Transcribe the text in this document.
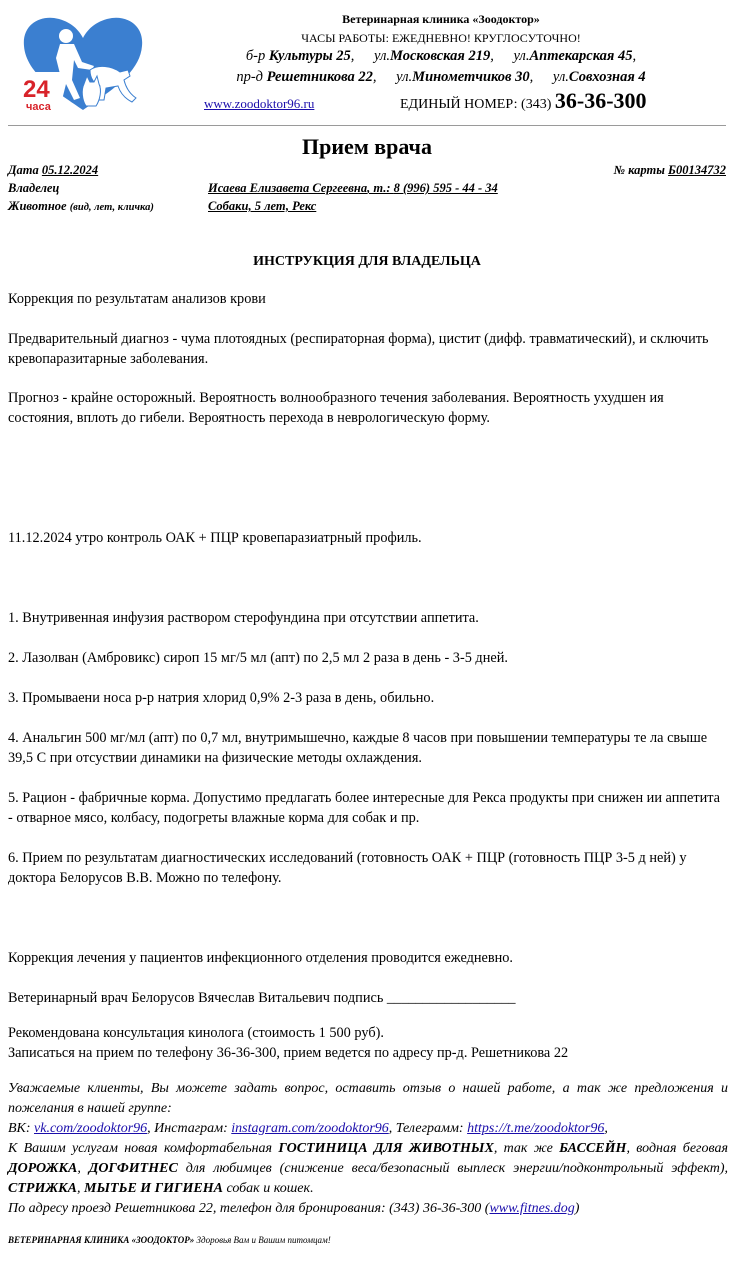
24
часа
Ветеринарная клиника «Зоодоктор»
ЧАСЫ РАБОТЫ: ЕЖЕДНЕВНО! КРУГЛОСУТОЧНО!
б-р Культуры 25, ул.Московская 219, ул.Аптекарская 45,
пр-д Решетникова 22, ул.Минометчиков 30, ул.Совхозная 4
www.zoodoktor96.ru	ЕДИНЫЙ НОМЕР: (343) 36-36-300
Прием врача
Дата 05.12.2024	№ карты Б00134732
Владелец	Исаева Елизавета Сергеевна, т.: 8 (996) 595 - 44 - 34
Животное (вид, лет, кличка)	Собаки, 5 лет, Рекс
ИНСТРУКЦИЯ ДЛЯ ВЛАДЕЛЬЦА
Коррекция по результатам анализов крови
Предварительный диагноз - чума плотоядных (респираторная форма), цистит (дифф. травматический), и сключить кревопаразитарные заболевания.
Прогноз - крайне осторожный. Вероятность волнообразного течения заболевания. Вероятность ухудшен ия состояния, вплоть до гибели. Вероятность перехода в неврологическую форму.
11.12.2024 утро контроль ОАК + ПЦР кровепаразиатрный профиль.
1. Внутривенная инфузия раствором стерофундина при отсутствии аппетита.
2. Лазолван (Амбровикс) сироп 15 мг/5 мл (апт) по 2,5 мл 2 раза в день - 3-5 дней.
3. Промываени носа р-р натрия хлорид 0,9% 2-3 раза в день, обильно.
4. Анальгин 500 мг/мл (апт) по 0,7 мл, внутримышечно, каждые 8 часов при повышении температуры те ла свыше 39,5 С при отсуствии динамики на физические методы охлаждения.
5. Рацион - фабричные корма. Допустимо предлагать более интересные для Рекса продукты при снижен ии аппетита - отварное мясо, колбасу, подогреты влажные корма для собак и пр.
6. Прием по результатам диагностических исследований (готовность ОАК + ПЦР (готовность ПЦР 3-5 д ней) у доктора Белорусов В.В. Можно по телефону.
Коррекция лечения у пациентов инфекционного отделения проводится ежедневно.
Ветеринарный врач Белорусов Вячеслав Витальевич подпись __________________
Рекомендована консультация кинолога (стоимость 1 500 руб).
Записаться на прием по телефону 36-36-300, прием ведется по адресу пр-д. Решетникова 22
Уважаемые клиенты, Вы можете задать вопрос, оставить отзыв о нашей работе, а так же предложения и пожелания в нашей группе:
ВК: vk.com/zoodoktor96, Инстаграм: instagram.com/zoodoktor96, Телеграмм: https://t.me/zoodoktor96,
К Вашим услугам новая комфортабельная ГОСТИНИЦА ДЛЯ ЖИВОТНЫХ, так же БАССЕЙН, водная беговая ДОРОЖКА, ДОГФИТНЕС для любимцев (снижение веса/безопасный выплеск энергии/подконтрольный эффект), СТРИЖКА, МЫТЬЕ И ГИГИЕНА собак и кошек.
По адресу проезд Решетникова 22, телефон для бронирования: (343) 36-36-300 (www.fitnes.dog)
ВЕТЕРИНАРНАЯ КЛИНИКА «ЗООДОКТОР» Здоровья Вам и Вашим питомцам!
